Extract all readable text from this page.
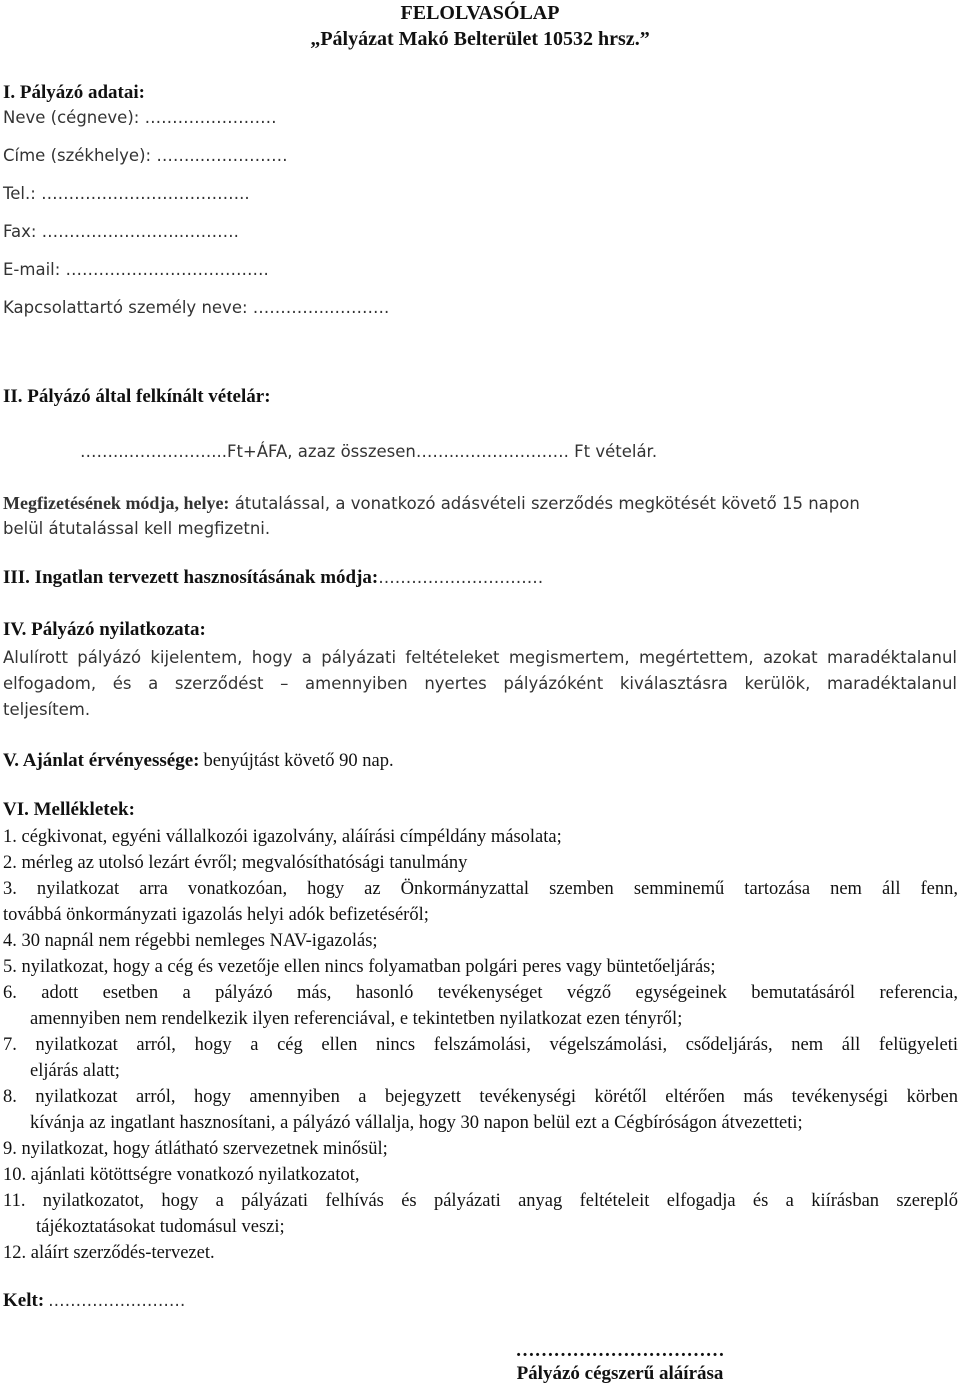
FELOLVASÓLAP
„Pályázat Makó Belterület 10532 hrsz.”
I. Pályázó adatai:
Neve (cégneve): ……………………
Címe (székhelye): ……...……………
Tel.: ………………………………..
Fax: ……………………..……….
E-mail: ……………………………….
Kapcsolattartó személy neve: …………...……….
II. Pályázó által felkínált vételár:
……...……………...Ft+ÁFA, azaz összesen……...………………. Ft vételár.
Megfizetésének módja, helye: átutalással, a vonatkozó adásvételi szerződés megkötését követő 15 napon
belül átutalással kell megfizetni.
III. Ingatlan tervezett hasznosításának módja:…………………………
IV. Pályázó nyilatkozata:
Alulírott pályázó kijelentem, hogy a pályázati feltételeket megismertem, megértettem, azokat maradéktalanul
elfogadom, és a szerződést – amennyiben nyertes pályázóként kiválasztásra kerülök, maradéktalanul
teljesítem.
V. Ajánlat érvényessége: benyújtást követő 90 nap.
VI. Mellékletek:
1. cégkivonat, egyéni vállalkozói igazolvány, aláírási címpéldány másolata;
2. mérleg az utolsó lezárt évről; megvalósíthatósági tanulmány
3. nyilatkozat arra vonatkozóan, hogy az Önkormányzattal szemben semminemű tartozása nem áll fenn,
továbbá önkormányzati igazolás helyi adók befizetéséről;
4. 30 napnál nem régebbi nemleges NAV-igazolás;
5. nyilatkozat, hogy a cég és vezetője ellen nincs folyamatban polgári peres vagy büntetőeljárás;
6. adott esetben a pályázó más, hasonló tevékenységet végző egységeinek bemutatásáról referencia,
amennyiben nem rendelkezik ilyen referenciával, e tekintetben nyilatkozat ezen tényről;
7. nyilatkozat arról, hogy a cég ellen nincs felszámolási, végelszámolási, csődeljárás, nem áll felügyeleti
eljárás alatt;
8. nyilatkozat arról, hogy amennyiben a bejegyzett tevékenységi körétől eltérően más tevékenységi körben
kívánja az ingatlant hasznosítani, a pályázó vállalja, hogy 30 napon belül ezt a Cégbíróságon átvezetteti;
9. nyilatkozat, hogy átlátható szervezetnek minősül;
10. ajánlati kötöttségre vonatkozó nyilatkozatot,
11. nyilatkozatot, hogy a pályázati felhívás és pályázati anyag feltételeit elfogadja és a kiírásban szereplő
tájékoztatásokat tudomásul veszi;
12. aláírt szerződés-tervezet.
Kelt: …………….………
……………………………
Pályázó cégszerű aláírása
